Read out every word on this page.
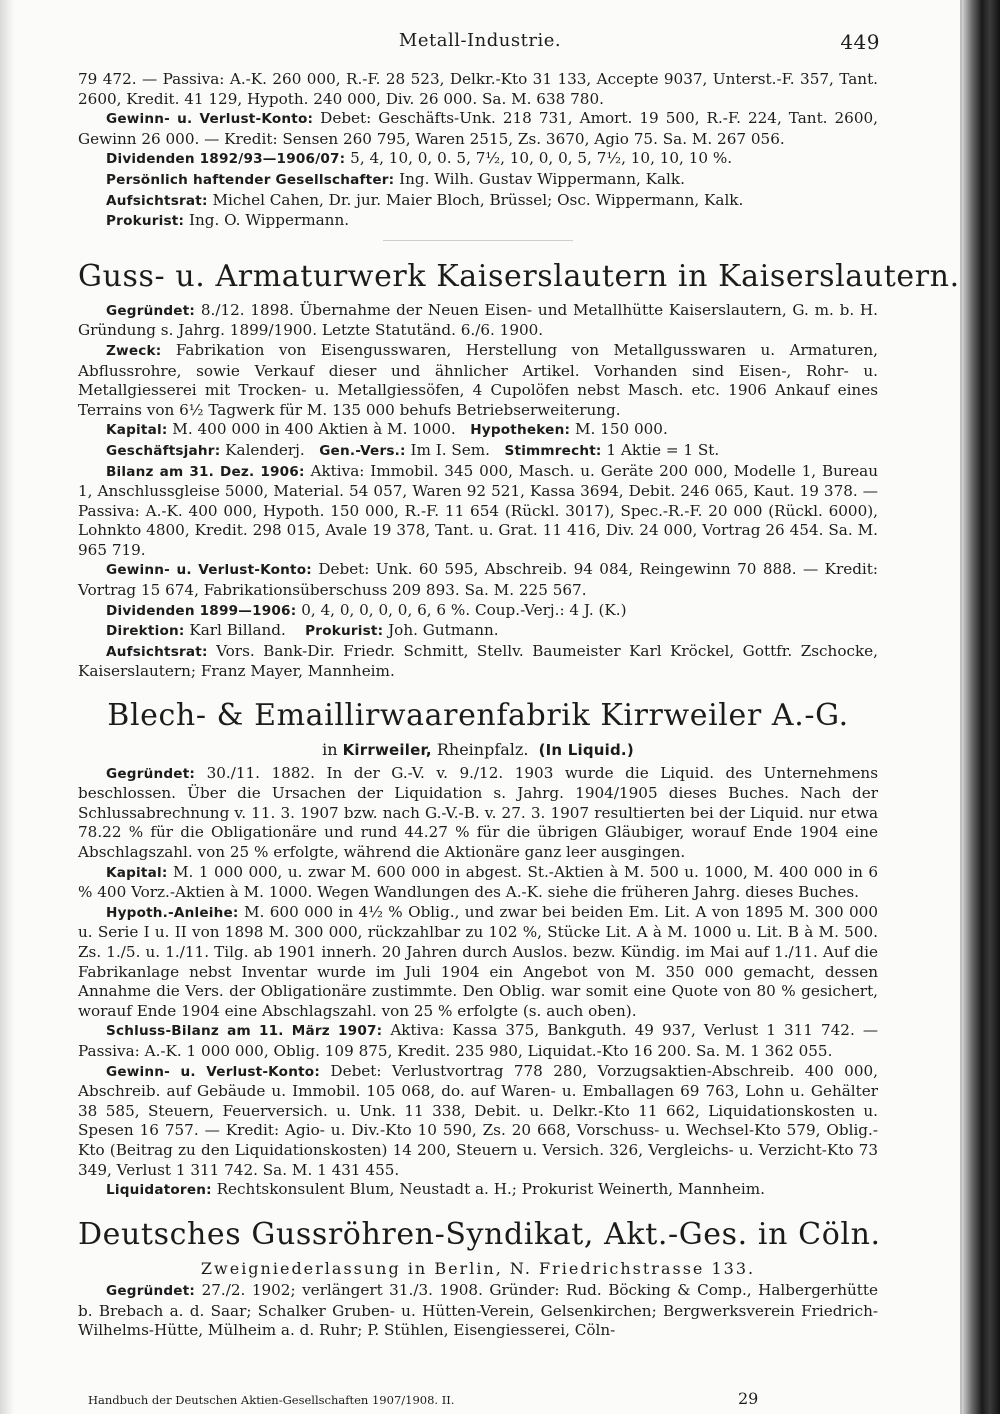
Metall-Industrie.	449

79 472. — Passiva: A.-K. 260 000, R.-F. 28 523, Delkr.-Kto 31 133, Accepte 9037, Unterst.-F. 357, Tant. 2600, Kredit. 41 129, Hypoth. 240 000, Div. 26 000. Sa. M. 638 780.

Gewinn- u. Verlust-Konto: Debet: Geschäfts-Unk. 218 731, Amort. 19 500, R.-F. 224, Tant. 2600, Gewinn 26 000. — Kredit: Sensen 260 795, Waren 2515, Zs. 3670, Agio 75. Sa. M. 267 056.

Dividenden 1892/93—1906/07: 5, 4, 10, 0, 0. 5, 7½, 10, 0, 0, 5, 7½, 10, 10, 10 %.

Persönlich haftender Gesellschafter: Ing. Wilh. Gustav Wippermann, Kalk.

Aufsichtsrat: Michel Cahen, Dr. jur. Maier Bloch, Brüssel; Osc. Wippermann, Kalk.

Prokurist: Ing. O. Wippermann.

Guss- u. Armaturwerk Kaiserslautern in Kaiserslautern.

Gegründet: 8./12. 1898. Übernahme der Neuen Eisen- und Metallhütte Kaiserslautern, G. m. b. H. Gründung s. Jahrg. 1899/1900. Letzte Statutänd. 6./6. 1900.

Zweck: Fabrikation von Eisengusswaren, Herstellung von Metallgusswaren u. Armaturen, Abflussrohre, sowie Verkauf dieser und ähnlicher Artikel. Vorhanden sind Eisen-, Rohr- u. Metallgiesserei mit Trocken- u. Metallgiessöfen, 4 Cupolöfen nebst Masch. etc. 1906 Ankauf eines Terrains von 6½ Tagwerk für M. 135 000 behufs Betriebserweiterung.

Kapital: M. 400 000 in 400 Aktien à M. 1000. Hypotheken: M. 150 000.

Geschäftsjahr: Kalenderj. Gen.-Vers.: Im I. Sem. Stimmrecht: 1 Aktie = 1 St.

Bilanz am 31. Dez. 1906: Aktiva: Immobil. 345 000, Masch. u. Geräte 200 000, Modelle 1, Bureau 1, Anschlussgleise 5000, Material. 54 057, Waren 92 521, Kassa 3694, Debit. 246 065, Kaut. 19 378. — Passiva: A.-K. 400 000, Hypoth. 150 000, R.-F. 11 654 (Rückl. 3017), Spec.-R.-F. 20 000 (Rückl. 6000), Lohnkto 4800, Kredit. 298 015, Avale 19 378, Tant. u. Grat. 11 416, Div. 24 000, Vortrag 26 454. Sa. M. 965 719.

Gewinn- u. Verlust-Konto: Debet: Unk. 60 595, Abschreib. 94 084, Reingewinn 70 888. — Kredit: Vortrag 15 674, Fabrikationsüberschuss 209 893. Sa. M. 225 567.

Dividenden 1899—1906: 0, 4, 0, 0, 0, 0, 6, 6 %. Coup.-Verj.: 4 J. (K.)

Direktion: Karl Billand. Prokurist: Joh. Gutmann.

Aufsichtsrat: Vors. Bank-Dir. Friedr. Schmitt, Stellv. Baumeister Karl Kröckel, Gottfr. Zschocke, Kaiserslautern; Franz Mayer, Mannheim.

Blech- & Emaillirwaarenfabrik Kirrweiler A.-G.

in Kirrweiler, Rheinpfalz. (In Liquid.)

Gegründet: 30./11. 1882. In der G.-V. v. 9./12. 1903 wurde die Liquid. des Unternehmens beschlossen. Über die Ursachen der Liquidation s. Jahrg. 1904/1905 dieses Buches. Nach der Schlussabrechnung v. 11. 3. 1907 bzw. nach G.-V.-B. v. 27. 3. 1907 resultierten bei der Liquid. nur etwa 78.22 % für die Obligationäre und rund 44.27 % für die übrigen Gläubiger, worauf Ende 1904 eine Abschlagszahl. von 25 % erfolgte, während die Aktionäre ganz leer ausgingen.

Kapital: M. 1 000 000, u. zwar M. 600 000 in abgest. St.-Aktien à M. 500 u. 1000, M. 400 000 in 6 % 400 Vorz.-Aktien à M. 1000. Wegen Wandlungen des A.-K. siehe die früheren Jahrg. dieses Buches.

Hypoth.-Anleihe: M. 600 000 in 4½ % Oblig., und zwar bei beiden Em. Lit. A von 1895 M. 300 000 u. Serie I u. II von 1898 M. 300 000, rückzahlbar zu 102 %, Stücke Lit. A à M. 1000 u. Lit. B à M. 500. Zs. 1./5. u. 1./11. Tilg. ab 1901 innerh. 20 Jahren durch Auslos. bezw. Kündig. im Mai auf 1./11. Auf die Fabrikanlage nebst Inventar wurde im Juli 1904 ein Angebot von M. 350 000 gemacht, dessen Annahme die Vers. der Obligationäre zustimmte. Den Oblig. war somit eine Quote von 80 % gesichert, worauf Ende 1904 eine Abschlagszahl. von 25 % erfolgte (s. auch oben).

Schluss-Bilanz am 11. März 1907: Aktiva: Kassa 375, Bankguth. 49 937, Verlust 1 311 742. — Passiva: A.-K. 1 000 000, Oblig. 109 875, Kredit. 235 980, Liquidat.-Kto 16 200. Sa. M. 1 362 055.

Gewinn- u. Verlust-Konto: Debet: Verlustvortrag 778 280, Vorzugsaktien-Abschreib. 400 000, Abschreib. auf Gebäude u. Immobil. 105 068, do. auf Waren- u. Emballagen 69 763, Lohn u. Gehälter 38 585, Steuern, Feuerversich. u. Unk. 11 338, Debit. u. Delkr.-Kto 11 662, Liquidationskosten u. Spesen 16 757. — Kredit: Agio- u. Div.-Kto 10 590, Zs. 20 668, Vorschuss- u. Wechsel-Kto 579, Oblig.-Kto (Beitrag zu den Liquidationskosten) 14 200, Steuern u. Versich. 326, Vergleichs- u. Verzicht-Kto 73 349, Verlust 1 311 742. Sa. M. 1 431 455.

Liquidatoren: Rechtskonsulent Blum, Neustadt a. H.; Prokurist Weinerth, Mannheim.

Deutsches Gussröhren-Syndikat, Akt.-Ges. in Cöln.

Zweigniederlassung in Berlin, N. Friedrichstrasse 133.

Gegründet: 27./2. 1902; verlängert 31./3. 1908. Gründer: Rud. Böcking & Comp., Halbergerhütte b. Brebach a. d. Saar; Schalker Gruben- u. Hütten-Verein, Gelsenkirchen; Bergwerksverein Friedrich-Wilhelms-Hütte, Mülheim a. d. Ruhr; P. Stühlen, Eisengiesserei, Cöln-

Handbuch der Deutschen Aktien-Gesellschaften 1907/1908. II.	29
